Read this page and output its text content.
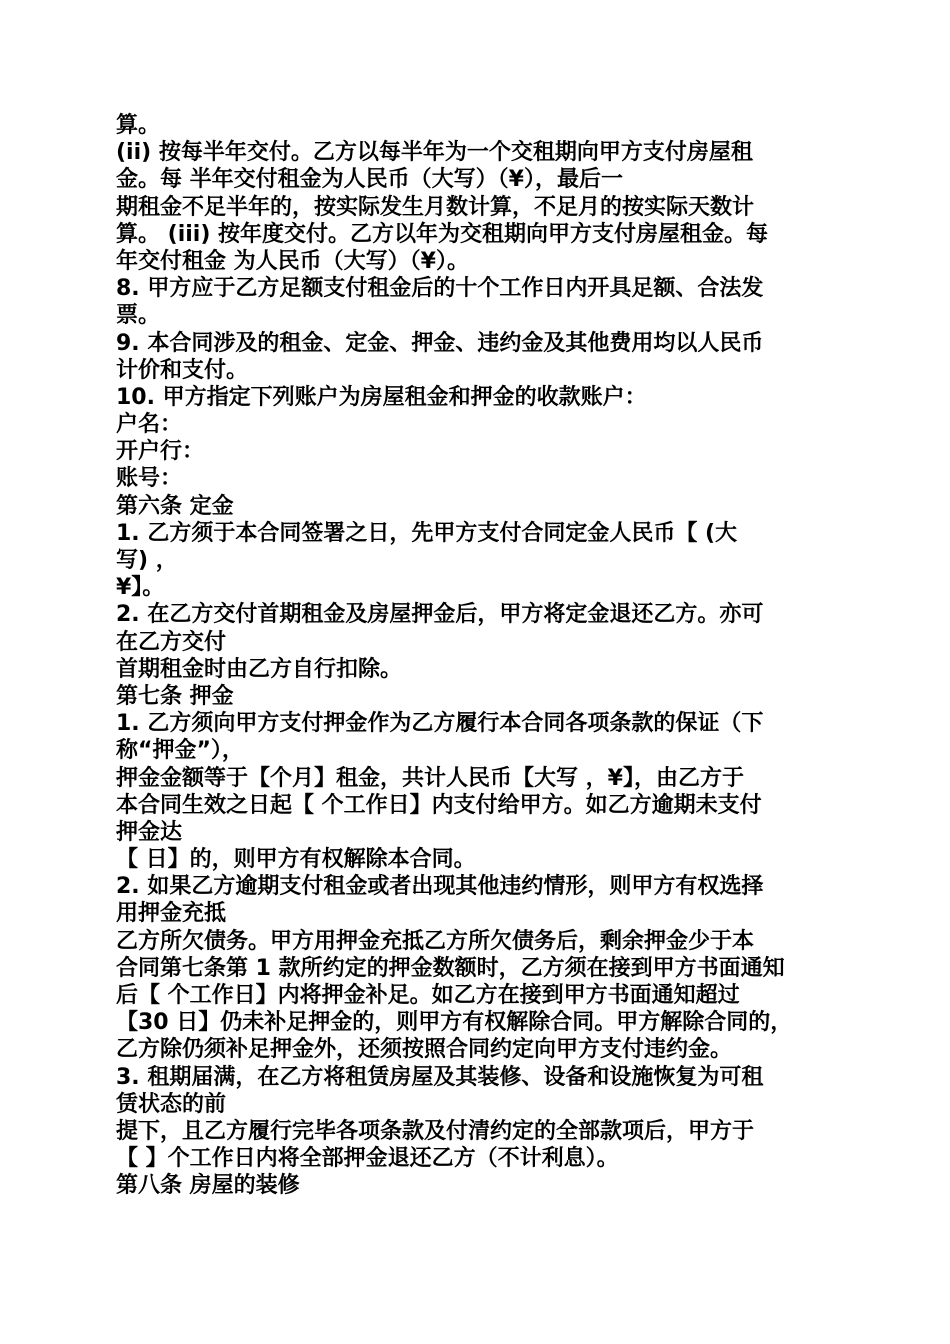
算。
(ii) 按每半年交付。乙方以每半年为一个交租期向甲方支付房屋租
金。每 半年交付租金为人民币（大写）（¥），最后一
期租金不足半年的，按实际发生月数计算，不足月的按实际天数计
算。 (iii) 按年度交付。乙方以年为交租期向甲方支付房屋租金。每
年交付租金 为人民币（大写）（¥）。
8. 甲方应于乙方足额支付租金后的十个工作日内开具足额、合法发
票。
9. 本合同涉及的租金、定金、押金、违约金及其他费用均以人民币
计价和支付。
10. 甲方指定下列账户为房屋租金和押金的收款账户：
户名：
开户行：
账号：
第六条 定金
1. 乙方须于本合同签署之日，先甲方支付合同定金人民币【 (大
写) ，
¥】。
2. 在乙方交付首期租金及房屋押金后，甲方将定金退还乙方。亦可
在乙方交付
首期租金时由乙方自行扣除。
第七条 押金
1. 乙方须向甲方支付押金作为乙方履行本合同各项条款的保证（下
称“押金”），
押金金额等于【个月】租金，共计人民币【大写 ，¥】，由乙方于
本合同生效之日起【 个工作日】内支付给甲方。如乙方逾期未支付
押金达
【 日】的，则甲方有权解除本合同。
2. 如果乙方逾期支付租金或者出现其他违约情形，则甲方有权选择
用押金充抵
乙方所欠债务。甲方用押金充抵乙方所欠债务后，剩余押金少于本
合同第七条第 1 款所约定的押金数额时，乙方须在接到甲方书面通知
后【 个工作日】内将押金补足。如乙方在接到甲方书面通知超过
【30 日】仍未补足押金的，则甲方有权解除合同。甲方解除合同的，
乙方除仍须补足押金外，还须按照合同约定向甲方支付违约金。
3. 租期届满，在乙方将租赁房屋及其装修、设备和设施恢复为可租
赁状态的前
提下，且乙方履行完毕各项条款及付清约定的全部款项后，甲方于
【 】个工作日内将全部押金退还乙方（不计利息）。
第八条 房屋的装修
